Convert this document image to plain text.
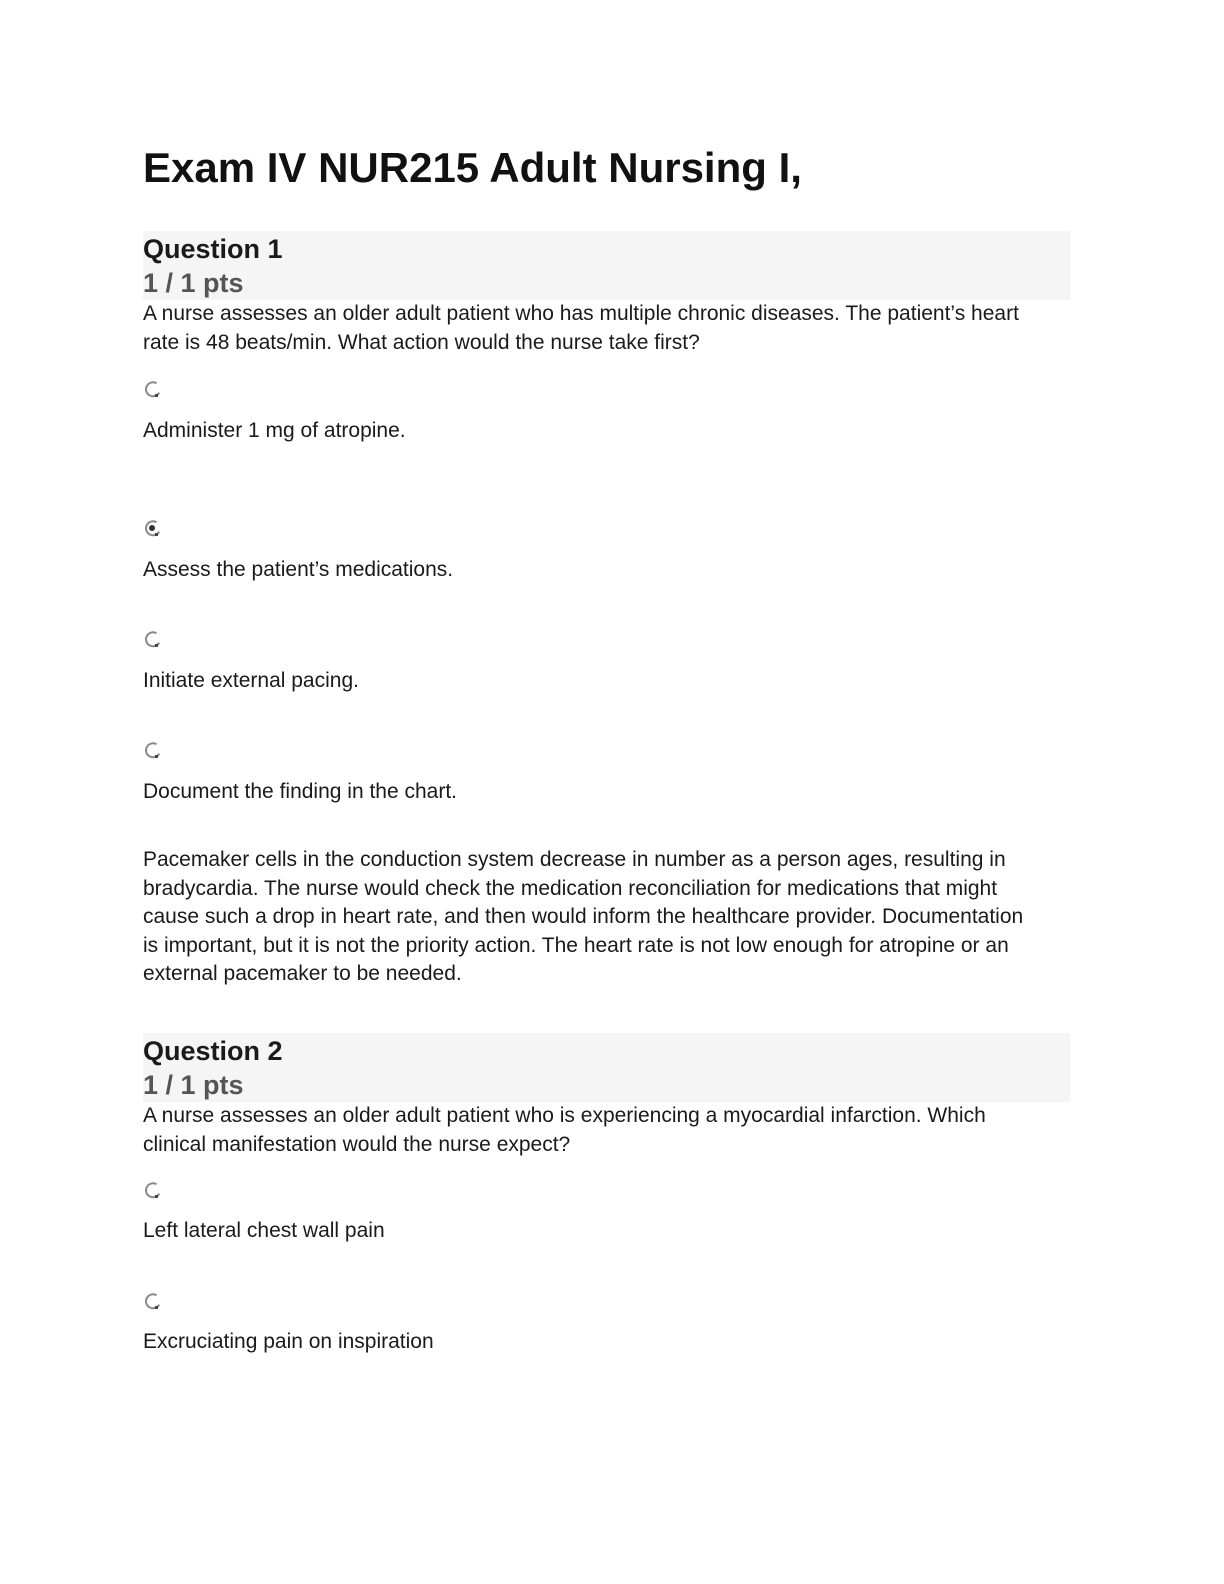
Exam IV NUR215 Adult Nursing I,
Question 1
1 / 1 pts

A nurse assesses an older adult patient who has multiple chronic diseases. The patient’s heart rate is 48 beats/min. What action would the nurse take first?

Administer 1 mg of atropine.
Assess the patient’s medications.
Initiate external pacing.
Document the finding in the chart.

Pacemaker cells in the conduction system decrease in number as a person ages, resulting in bradycardia. The nurse would check the medication reconciliation for medications that might cause such a drop in heart rate, and then would inform the healthcare provider. Documentation is important, but it is not the priority action. The heart rate is not low enough for atropine or an external pacemaker to be needed.

Question 2
1 / 1 pts

A nurse assesses an older adult patient who is experiencing a myocardial infarction. Which clinical manifestation would the nurse expect?

Left lateral chest wall pain
Excruciating pain on inspiration
